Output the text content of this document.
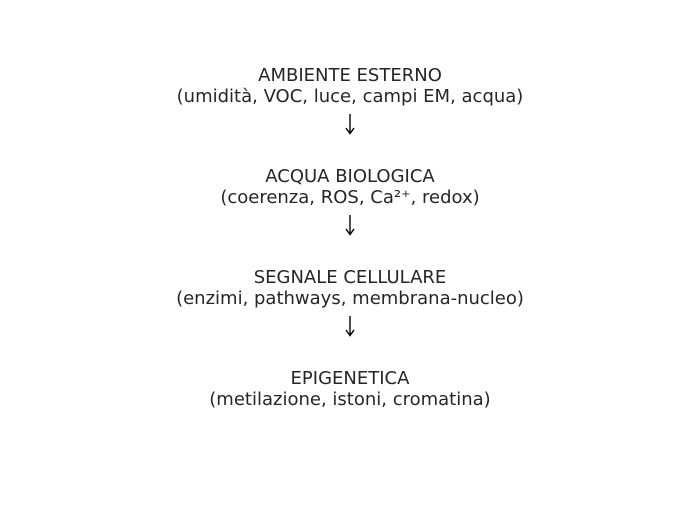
AMBIENTE ESTERNO
(umidità, VOC, luce, campi EM, acqua)
ACQUA BIOLOGICA
(coerenza, ROS, Ca²⁺, redox)
SEGNALE CELLULARE
(enzimi, pathways, membrana-nucleo)
EPIGENETICA
(metilazione, istoni, cromatina)
